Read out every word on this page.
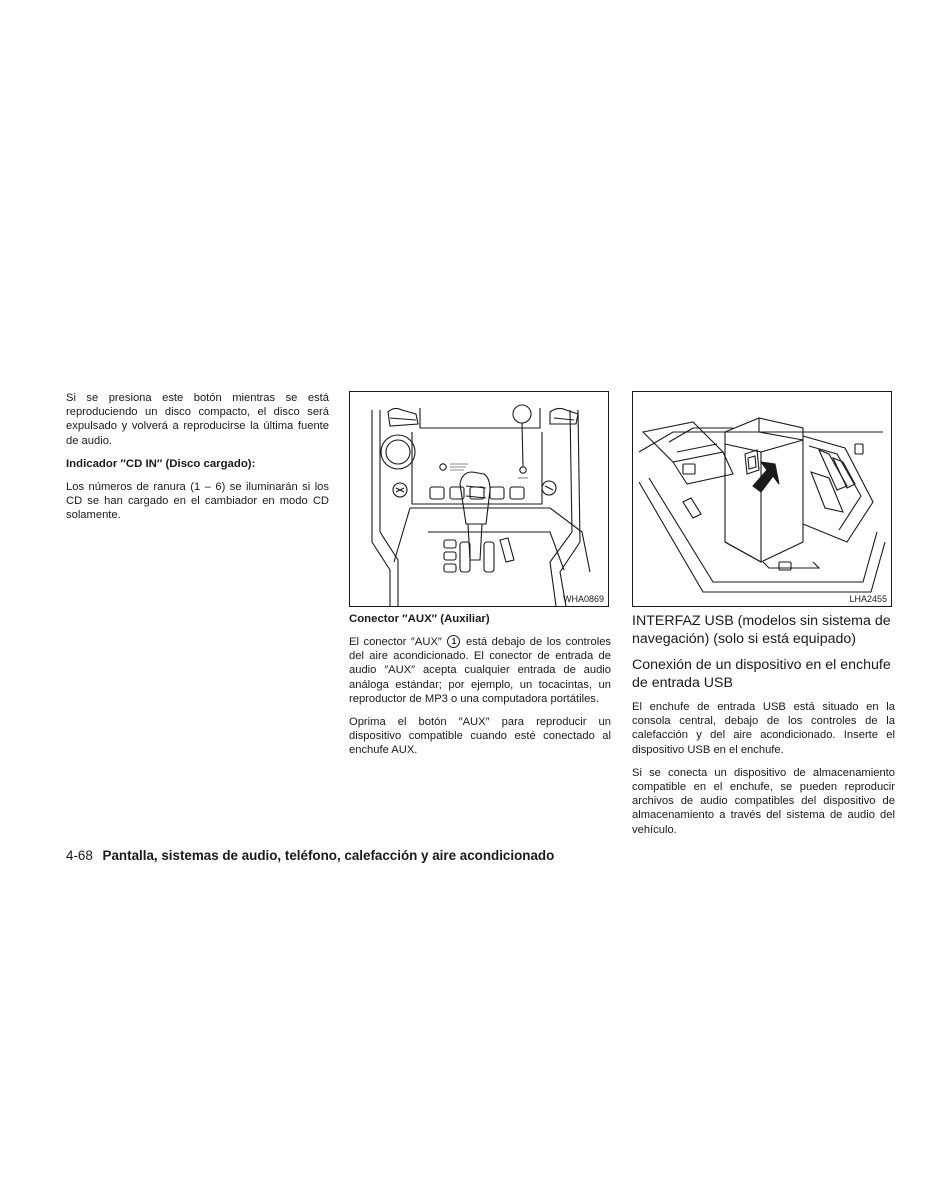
Si se presiona este botón mientras se está reproduciendo un disco compacto, el disco será expulsado y volverá a reproducirse la última fuente de audio.

Indicador ″CD IN″ (Disco cargado):

Los números de ranura (1 – 6) se iluminarán si los CD se han cargado en el cambiador en modo CD solamente.

WHA0869
Conector ″AUX″ (Auxiliar)

El conector ″AUX″ 1 está debajo de los controles del aire acondicionado. El conector de entrada de audio ″AUX″ acepta cualquier entrada de audio análoga estándar; por ejemplo, un tocacintas, un reproductor de MP3 o una computadora portátiles.

Oprima el botón ″AUX″ para reproducir un dispositivo compatible cuando esté conectado al enchufe AUX.

LHA2455
INTERFAZ USB (modelos sin sistema de navegación) (solo si está equipado)
Conexión de un dispositivo en el enchufe de entrada USB

El enchufe de entrada USB está situado en la consola central, debajo de los controles de la calefacción y del aire acondicionado. Inserte el dispositivo USB en el enchufe.

Si se conecta un dispositivo de almacenamiento compatible en el enchufe, se pueden reproducir archivos de audio compatibles del dispositivo de almacenamiento a través del sistema de audio del vehículo.

4-68 Pantalla, sistemas de audio, teléfono, calefacción y aire acondicionado
